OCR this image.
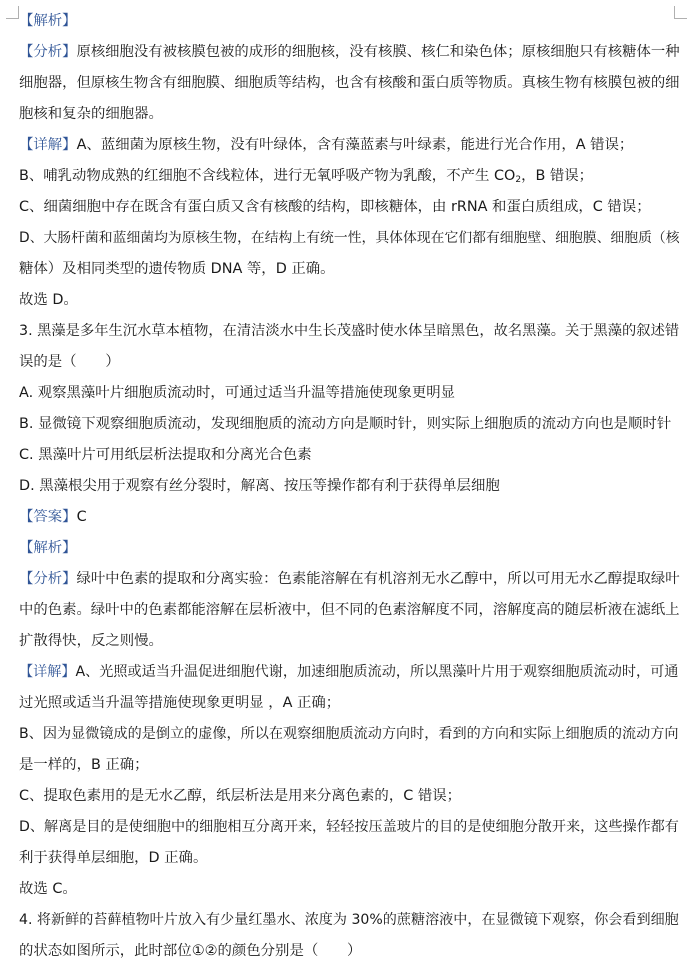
【解析】
【分析】原核细胞没有被核膜包被的成形的细胞核，没有核膜、核仁和染色体；原核细胞只有核糖体一种
细胞器，但原核生物含有细胞膜、细胞质等结构，也含有核酸和蛋白质等物质。真核生物有核膜包被的细
胞核和复杂的细胞器。
【详解】A、蓝细菌为原核生物，没有叶绿体，含有藻蓝素与叶绿素，能进行光合作用，A 错误；
B、哺乳动物成熟的红细胞不含线粒体，进行无氧呼吸产物为乳酸，不产生 $CO_2$，B 错误；
C、细菌细胞中存在既含有蛋白质又含有核酸的结构，即核糖体，由 rRNA 和蛋白质组成，C 错误；
D、大肠杆菌和蓝细菌均为原核生物，在结构上有统一性，具体体现在它们都有细胞壁、细胞膜、细胞质（核
糖体）及相同类型的遗传物质 DNA 等，D 正确。
故选 D。
3. 黑藻是多年生沉水草本植物，在清洁淡水中生长茂盛时使水体呈暗黑色，故名黑藻。关于黑藻的叙述错
误的是（　　）
A. 观察黑藻叶片细胞质流动时，可通过适当升温等措施使现象更明显
B. 显微镜下观察细胞质流动，发现细胞质的流动方向是顺时针，则实际上细胞质的流动方向也是顺时针
C. 黑藻叶片可用纸层析法提取和分离光合色素
D. 黑藻根尖用于观察有丝分裂时，解离、按压等操作都有利于获得单层细胞
【答案】C
【解析】
【分析】绿叶中色素的提取和分离实验：色素能溶解在有机溶剂无水乙醇中，所以可用无水乙醇提取绿叶
中的色素。绿叶中的色素都能溶解在层析液中，但不同的色素溶解度不同，溶解度高的随层析液在滤纸上
扩散得快，反之则慢。
【详解】A、光照或适当升温促进细胞代谢，加速细胞质流动，所以黑藻叶片用于观察细胞质流动时，可通
过光照或适当升温等措施使现象更明显 ，A 正确；
B、因为显微镜成的是倒立的虚像，所以在观察细胞质流动方向时，看到的方向和实际上细胞质的流动方向
是一样的，B 正确；
C、提取色素用的是无水乙醇，纸层析法是用来分离色素的，C 错误；
D、解离是目的是使细胞中的细胞相互分离开来，轻轻按压盖玻片的目的是使细胞分散开来，这些操作都有
利于获得单层细胞，D 正确。
故选 C。
4. 将新鲜的苔藓植物叶片放入有少量红墨水、浓度为 30%的蔗糖溶液中，在显微镜下观察，你会看到细胞
的状态如图所示，此时部位①②的颜色分别是（　　）
